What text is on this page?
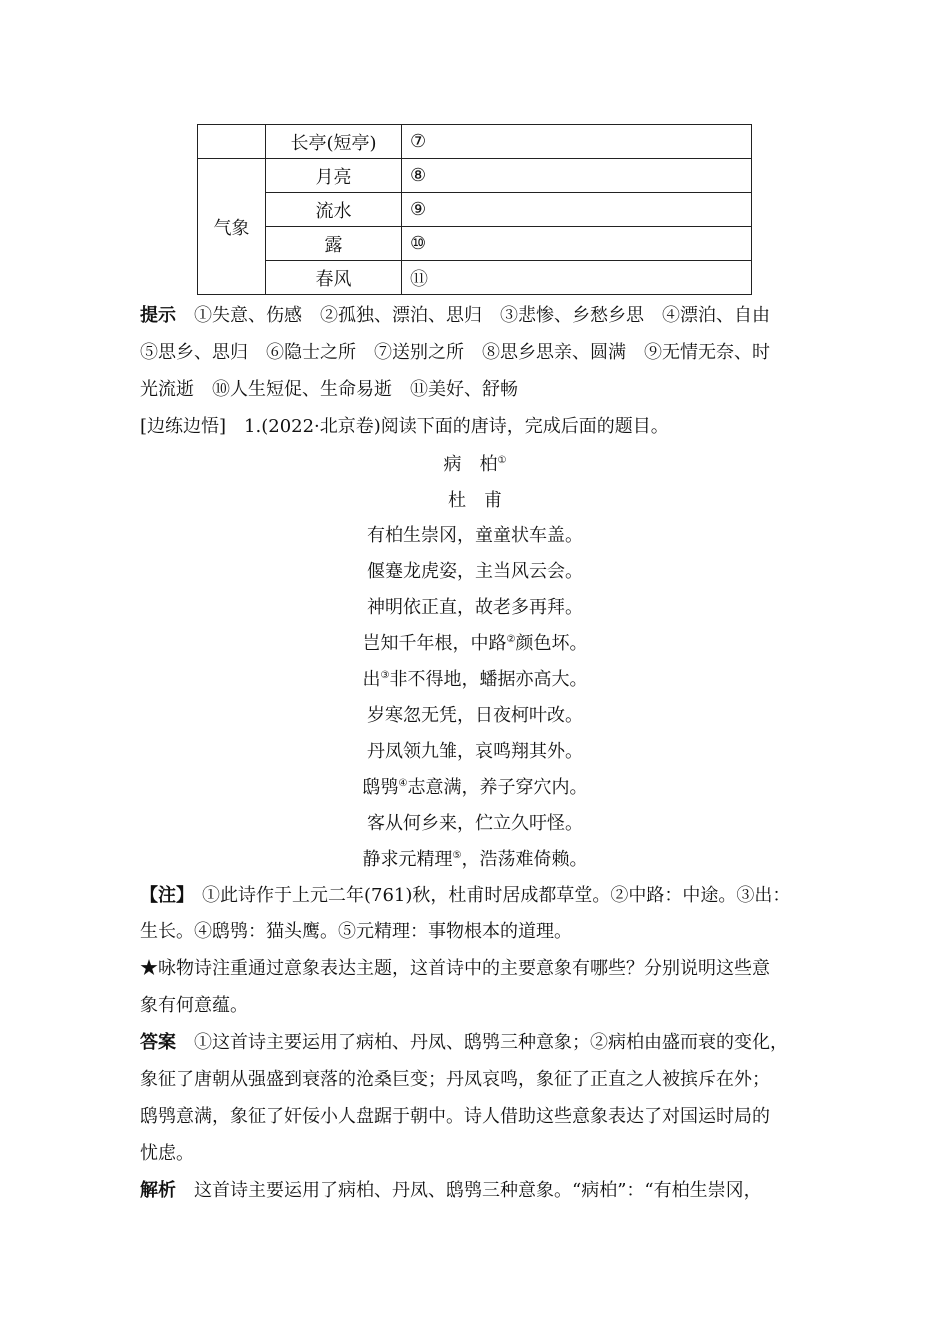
	长亭(短亭)	⑦
气象	月亮	⑧
	流水	⑨
	露	⑩
	春风	⑪
提示 ①失意、伤感　②孤独、漂泊、思归　③悲惨、乡愁乡思　④漂泊、自由
⑤思乡、思归　⑥隐士之所　⑦送别之所　⑧思乡思亲、圆满　⑨无情无奈、时
光流逝　⑩人生短促、生命易逝　⑪美好、舒畅
[边练边悟] 1.(2022·北京卷)阅读下面的唐诗，完成后面的题目。
病　柏①
杜　甫
有柏生崇冈，童童状车盖。
偃蹇龙虎姿，主当风云会。
神明依正直，故老多再拜。
岂知千年根，中路②颜色坏。
出③非不得地，蟠据亦高大。
岁寒忽无凭，日夜柯叶改。
丹凤领九雏，哀鸣翔其外。
鸱鸮④志意满，养子穿穴内。
客从何乡来，伫立久吁怪。
静求元精理⑤，浩荡难倚赖。
【注】 ①此诗作于上元二年(761)秋，杜甫时居成都草堂。②中路：中途。③出：
生长。④鸱鸮：猫头鹰。⑤元精理：事物根本的道理。
★咏物诗注重通过意象表达主题，这首诗中的主要意象有哪些？分别说明这些意
象有何意蕴。
答案 ①这首诗主要运用了病柏、丹凤、鸱鸮三种意象；②病柏由盛而衰的变化，
象征了唐朝从强盛到衰落的沧桑巨变；丹凤哀鸣，象征了正直之人被摈斥在外；
鸱鸮意满，象征了奸佞小人盘踞于朝中。诗人借助这些意象表达了对国运时局的
忧虑。
解析 这首诗主要运用了病柏、丹凤、鸱鸮三种意象。“病柏”：“有柏生崇冈，
